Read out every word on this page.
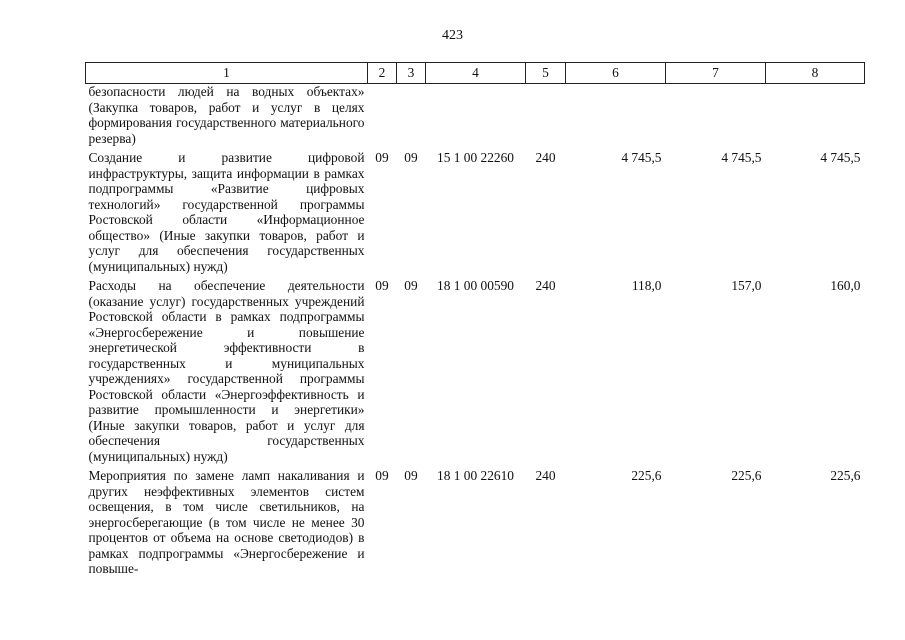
423
1	2	3	4	5	6	7	8
безопасности людей на водных объектах» (Закупка товаров, работ и услуг в целях формирования государственного материального резерва)							
Создание и развитие цифровой инфраструктуры, защита информации в рамках подпрограммы «Развитие цифровых технологий» государственной программы Ростовской области «Информационное общество» (Иные закупки товаров, работ и услуг для обеспечения государственных (муниципальных) нужд)	09	09	15 1 00 22260	240	4 745,5	4 745,5	4 745,5
Расходы на обеспечение деятельности (оказание услуг) государственных учреждений Ростовской области в рамках подпрограммы «Энергосбережение и повышение энергетической эффективности в государственных и муниципальных учреждениях» государственной программы Ростовской области «Энергоэффективность и развитие промышленности и энергетики» (Иные закупки товаров, работ и услуг для обеспечения государственных (муниципальных) нужд)	09	09	18 1 00 00590	240	118,0	157,0	160,0
Мероприятия по замене ламп накаливания и других неэффективных элементов систем освещения, в том числе светильников, на энергосберегающие (в том числе не менее 30 процентов от объема на основе светодиодов) в рамках подпрограммы «Энергосбережение и повыше-	09	09	18 1 00 22610	240	225,6	225,6	225,6
